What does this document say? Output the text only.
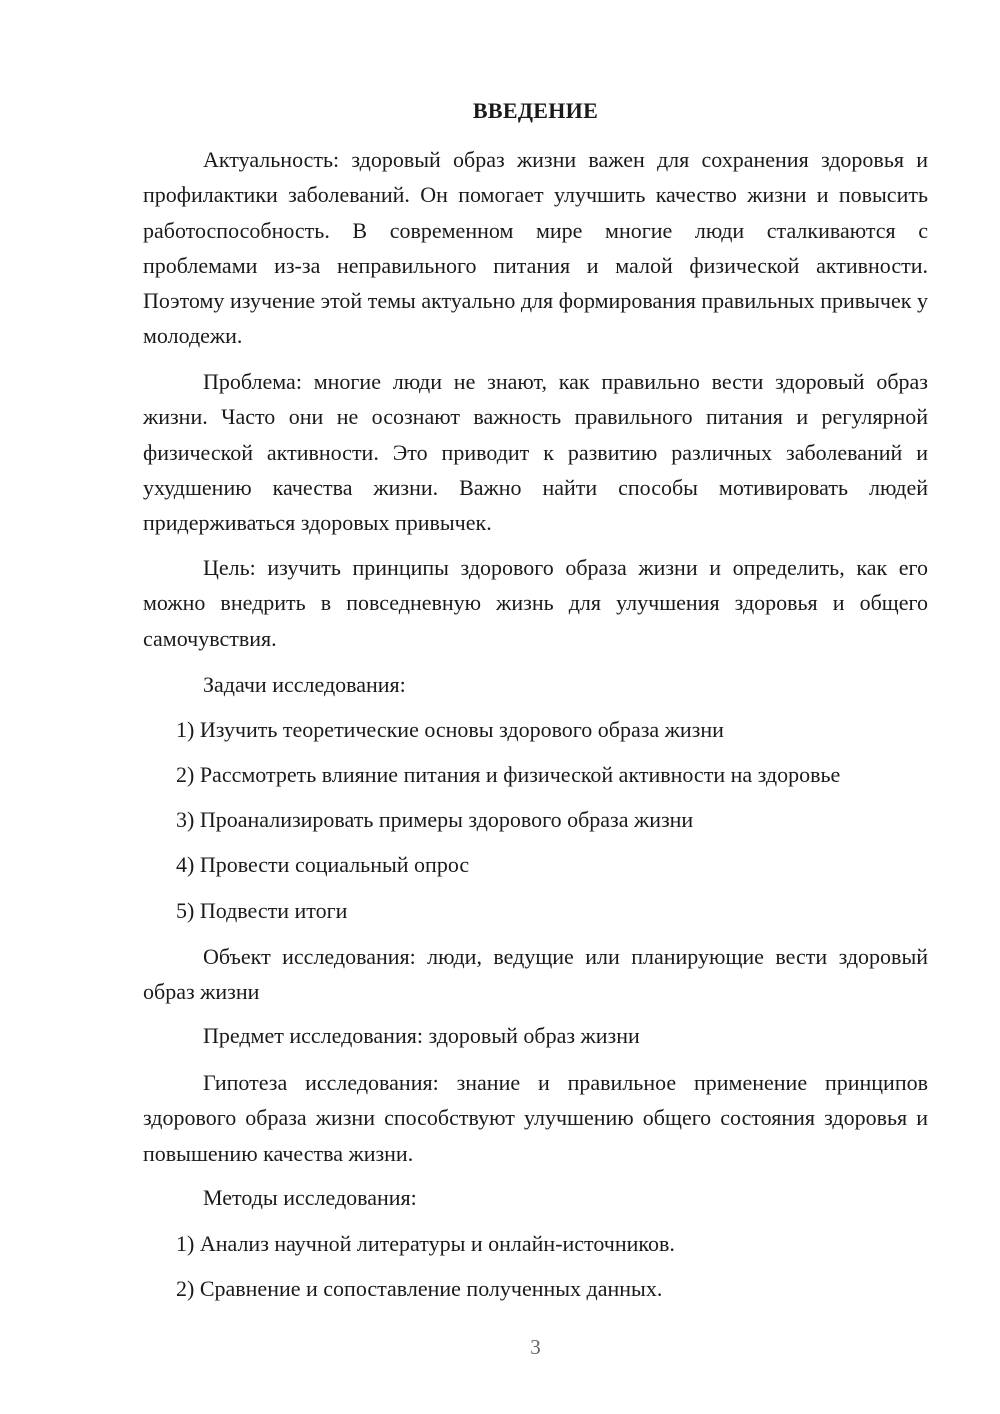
ВВЕДЕНИЕ

Актуальность: здоровый образ жизни важен для сохранения здоровья и профилактики заболеваний. Он помогает улучшить качество жизни и повысить работоспособность. В современном мире многие люди сталкиваются с проблемами из-за неправильного питания и малой физической активности. Поэтому изучение этой темы актуально для формирования правильных привычек у молодежи.

Проблема: многие люди не знают, как правильно вести здоровый образ жизни. Часто они не осознают важность правильного питания и регулярной физической активности. Это приводит к развитию различных заболеваний и ухудшению качества жизни. Важно найти способы мотивировать людей придерживаться здоровых привычек.

Цель: изучить принципы здорового образа жизни и определить, как его можно внедрить в повседневную жизнь для улучшения здоровья и общего самочувствия.

Задачи исследования:

1) Изучить теоретические основы здорового образа жизни

2) Рассмотреть влияние питания и физической активности на здоровье

3) Проанализировать примеры здорового образа жизни

4) Провести социальный опрос

5) Подвести итоги

Объект исследования: люди, ведущие или планирующие вести здоровый образ жизни

Предмет исследования: здоровый образ жизни

Гипотеза исследования: знание и правильное применение принципов здорового образа жизни способствуют улучшению общего состояния здоровья и повышению качества жизни.

Методы исследования:

1) Анализ научной литературы и онлайн-источников.

2) Сравнение и сопоставление полученных данных.

3
